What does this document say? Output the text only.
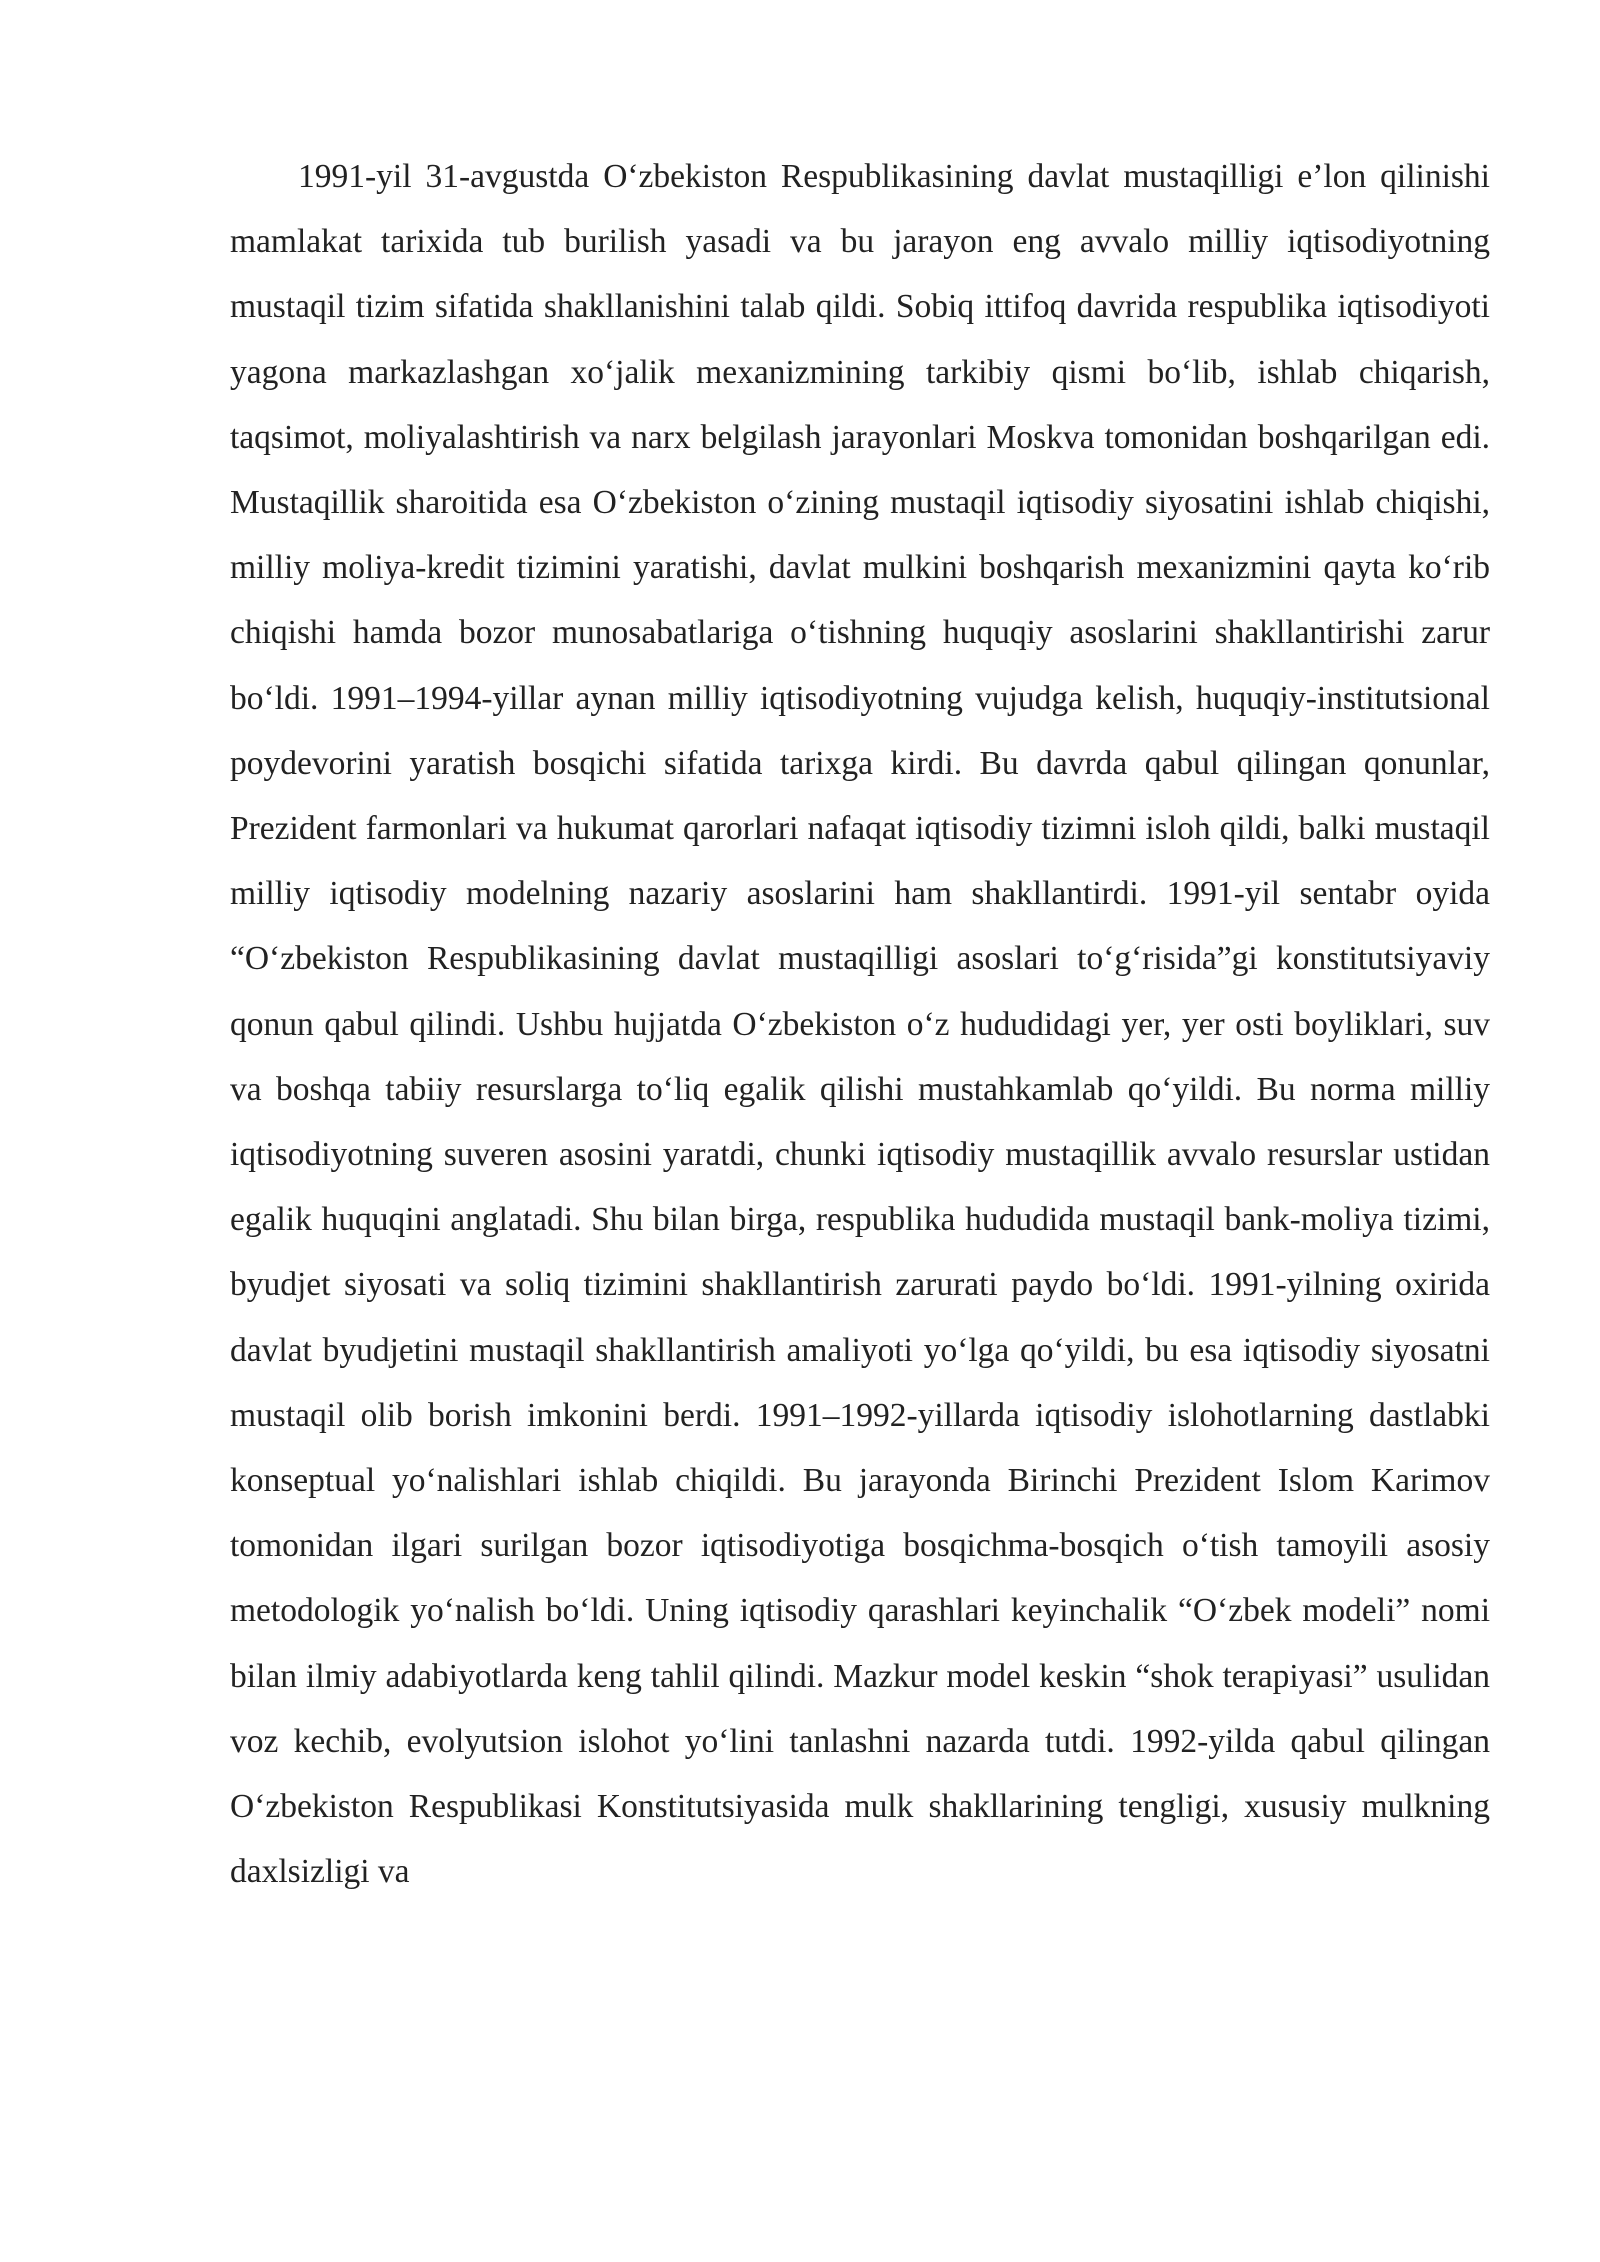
1991-yil 31-avgustda O‘zbekiston Respublikasining davlat mustaqilligi e’lon qilinishi mamlakat tarixida tub burilish yasadi va bu jarayon eng avvalo milliy iqtisodiyotning mustaqil tizim sifatida shakllanishini talab qildi. Sobiq ittifoq davrida respublika iqtisodiyoti yagona markazlashgan xo‘jalik mexanizmining tarkibiy qismi bo‘lib, ishlab chiqarish, taqsimot, moliyalashtirish va narx belgilash jarayonlari Moskva tomonidan boshqarilgan edi. Mustaqillik sharoitida esa O‘zbekiston o‘zining mustaqil iqtisodiy siyosatini ishlab chiqishi, milliy moliya-kredit tizimini yaratishi, davlat mulkini boshqarish mexanizmini qayta ko‘rib chiqishi hamda bozor munosabatlariga o‘tishning huquqiy asoslarini shakllantirishi zarur bo‘ldi. 1991–1994-yillar aynan milliy iqtisodiyotning vujudga kelish, huquqiy-institutsional poydevorini yaratish bosqichi sifatida tarixga kirdi. Bu davrda qabul qilingan qonunlar, Prezident farmonlari va hukumat qarorlari nafaqat iqtisodiy tizimni isloh qildi, balki mustaqil milliy iqtisodiy modelning nazariy asoslarini ham shakllantirdi. 1991-yil sentabr oyida “O‘zbekiston Respublikasining davlat mustaqilligi asoslari to‘g‘risida”gi konstitutsiyaviy qonun qabul qilindi. Ushbu hujjatda O‘zbekiston o‘z hududidagi yer, yer osti boyliklari, suv va boshqa tabiiy resurslarga to‘liq egalik qilishi mustahkamlab qo‘yildi. Bu norma milliy iqtisodiyotning suveren asosini yaratdi, chunki iqtisodiy mustaqillik avvalo resurslar ustidan egalik huquqini anglatadi. Shu bilan birga, respublika hududida mustaqil bank-moliya tizimi, byudjet siyosati va soliq tizimini shakllantirish zarurati paydo bo‘ldi. 1991-yilning oxirida davlat byudjetini mustaqil shakllantirish amaliyoti yo‘lga qo‘yildi, bu esa iqtisodiy siyosatni mustaqil olib borish imkonini berdi. 1991–1992-yillarda iqtisodiy islohotlarning dastlabki konseptual yo‘nalishlari ishlab chiqildi. Bu jarayonda Birinchi Prezident Islom Karimov tomonidan ilgari surilgan bozor iqtisodiyotiga bosqichma-bosqich o‘tish tamoyili asosiy metodologik yo‘nalish bo‘ldi. Uning iqtisodiy qarashlari keyinchalik “O‘zbek modeli” nomi bilan ilmiy adabiyotlarda keng tahlil qilindi. Mazkur model keskin “shok terapiyasi” usulidan voz kechib, evolyutsion islohot yo‘lini tanlashni nazarda tutdi. 1992-yilda qabul qilingan O‘zbekiston Respublikasi Konstitutsiyasida mulk shakllarining tengligi, xususiy mulkning daxlsizligi va
